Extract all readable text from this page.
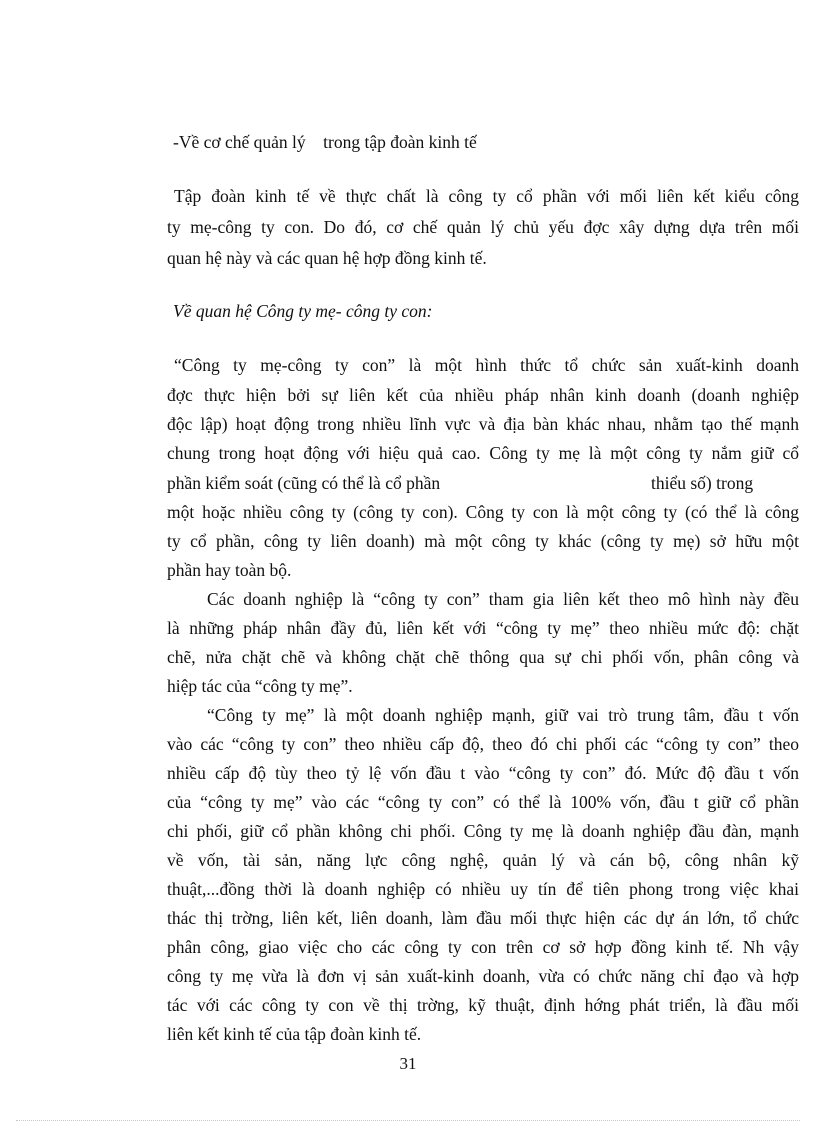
-Về cơ chế quản lý    trong tập đoàn kinh tế
Tập đoàn kinh tế về thực chất là công ty cổ phần với mối liên kết kiểu công
ty mẹ-công ty con. Do đó, cơ chế quản lý chủ yếu đợc xây dựng dựa trên mối
quan hệ này và các quan hệ hợp đồng kinh tế.
Về quan hệ Công ty mẹ- công ty con:
“Công ty mẹ-công ty con” là một hình thức tổ chức sản xuất-kinh doanh
đợc thực hiện bởi sự liên kết của nhiều pháp nhân kinh doanh (doanh nghiệp
độc lập) hoạt động trong nhiều lĩnh vực và địa bàn khác nhau, nhằm tạo thế mạnh
chung trong hoạt động với hiệu quả cao. Công ty mẹ là một công ty nắm giữ cổ
phần kiểm soát (cũng có thể là cổ phần	thiểu số) trong
một hoặc nhiều công ty (công ty con). Công ty con là một công ty (có thể là công
ty cổ phần, công ty liên doanh) mà một công ty khác (công ty mẹ) sở hữu một
phần hay toàn bộ.
Các doanh nghiệp là “công ty con” tham gia liên kết theo mô hình này đều
là những pháp nhân đầy đủ, liên kết với “công ty mẹ” theo nhiều mức độ: chặt
chẽ, nửa chặt chẽ và không chặt chẽ thông qua sự chi phối vốn, phân công và
hiệp tác của “công ty mẹ”.
“Công ty mẹ” là một doanh nghiệp mạnh, giữ vai trò trung tâm, đầu t vốn
vào các “công ty con” theo nhiều cấp độ, theo đó chi phối các “công ty con” theo
nhiều cấp độ tùy theo tỷ lệ vốn đầu t vào “công ty con” đó. Mức độ đầu t vốn
của “công ty mẹ” vào các “công ty con” có thể là 100% vốn, đầu t giữ cổ phần
chi phối, giữ cổ phần không chi phối. Công ty mẹ là doanh nghiệp đầu đàn, mạnh
về vốn, tài sản, năng lực công nghệ, quản lý và cán bộ, công nhân kỹ
thuật,...đồng thời là doanh nghiệp có nhiều uy tín để tiên phong trong việc khai
thác thị trờng, liên kết, liên doanh, làm đầu mối thực hiện các dự án lớn, tổ chức
phân công, giao việc cho các công ty con trên cơ sở hợp đồng kinh tế. Nh vậy
công ty mẹ vừa là đơn vị sản xuất-kinh doanh, vừa có chức năng chỉ đạo và hợp
tác với các công ty con về thị trờng, kỹ thuật, định hớng phát triển, là đầu mối
liên kết kinh tế của tập đoàn kinh tế.
31
